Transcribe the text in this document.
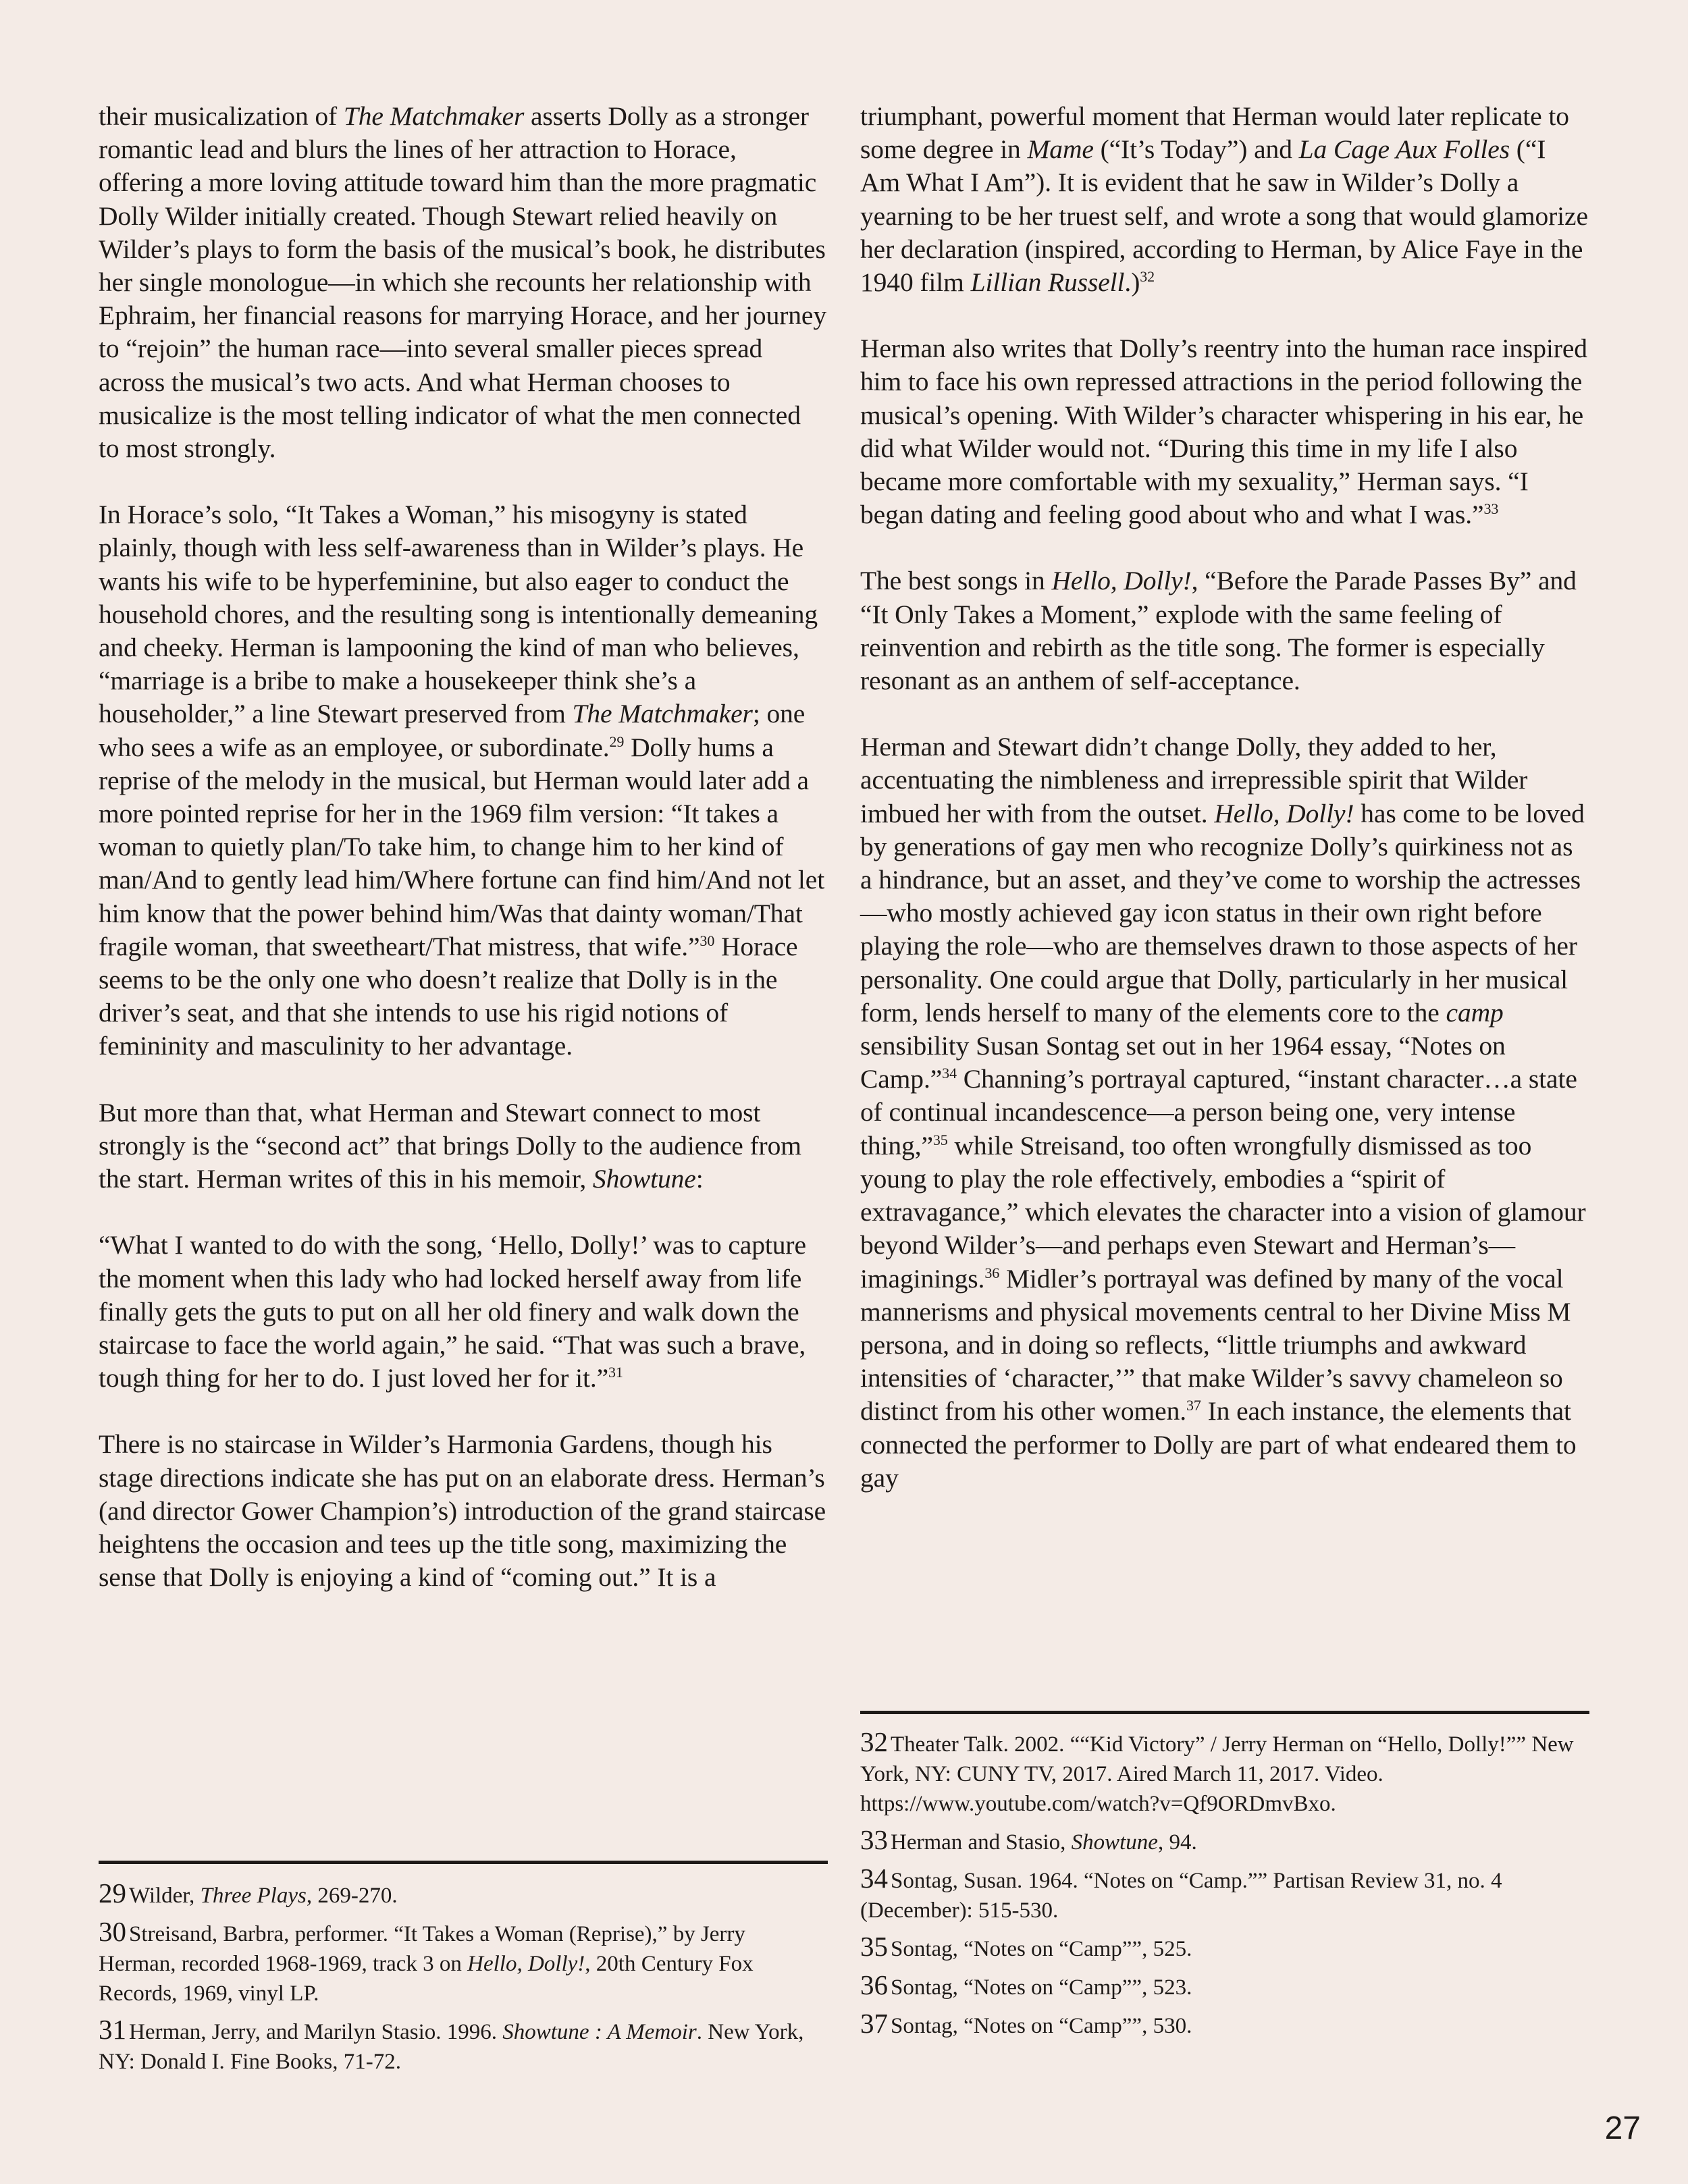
their musicalization of The Matchmaker asserts Dolly as a stronger romantic lead and blurs the lines of her attraction to Horace, offering a more loving attitude toward him than the more pragmatic Dolly Wilder initially created. Though Stewart relied heavily on Wilder’s plays to form the basis of the musical’s book, he distributes her single monologue—in which she recounts her relationship with Ephraim, her financial reasons for marrying Horace, and her journey to “rejoin” the human race—into several smaller pieces spread across the musical’s two acts. And what Herman chooses to musicalize is the most telling indicator of what the men connected to most strongly.

In Horace’s solo, “It Takes a Woman,” his misogyny is stated plainly, though with less self-awareness than in Wilder’s plays. He wants his wife to be hyperfeminine, but also eager to conduct the household chores, and the resulting song is intentionally demeaning and cheeky. Herman is lampooning the kind of man who believes, “marriage is a bribe to make a housekeeper think she’s a householder,” a line Stewart preserved from The Matchmaker; one who sees a wife as an employee, or subordinate.$^{29}$ Dolly hums a reprise of the melody in the musical, but Herman would later add a more pointed reprise for her in the 1969 film version: “It takes a woman to quietly plan/To take him, to change him to her kind of man/And to gently lead him/Where fortune can find him/And not let him know that the power behind him/Was that dainty woman/That fragile woman, that sweetheart/That mistress, that wife.”$^{30}$ Horace seems to be the only one who doesn’t realize that Dolly is in the driver’s seat, and that she intends to use his rigid notions of femininity and masculinity to her advantage.

But more than that, what Herman and Stewart connect to most strongly is the “second act” that brings Dolly to the audience from the start. Herman writes of this in his memoir, Showtune:

“What I wanted to do with the song, ‘Hello, Dolly!’ was to capture the moment when this lady who had locked herself away from life finally gets the guts to put on all her old finery and walk down the staircase to face the world again,” he said. “That was such a brave, tough thing for her to do. I just loved her for it.”$^{31}$

There is no staircase in Wilder’s Harmonia Gardens, though his stage directions indicate she has put on an elaborate dress. Herman’s (and director Gower Champion’s) introduction of the grand staircase heightens the occasion and tees up the title song, maximizing the sense that Dolly is enjoying a kind of “coming out.” It is a

triumphant, powerful moment that Herman would later replicate to some degree in Mame (“It’s Today”) and La Cage Aux Folles (“I Am What I Am”). It is evident that he saw in Wilder’s Dolly a yearning to be her truest self, and wrote a song that would glamorize her declaration (inspired, according to Herman, by Alice Faye in the 1940 film Lillian Russell.)$^{32}$

Herman also writes that Dolly’s reentry into the human race inspired him to face his own repressed attractions in the period following the musical’s opening. With Wilder’s character whispering in his ear, he did what Wilder would not. “During this time in my life I also became more comfortable with my sexuality,” Herman says. “I began dating and feeling good about who and what I was.”$^{33}$

The best songs in Hello, Dolly!, “Before the Parade Passes By” and “It Only Takes a Moment,” explode with the same feeling of reinvention and rebirth as the title song. The former is especially resonant as an anthem of self-acceptance.

Herman and Stewart didn’t change Dolly, they added to her, accentuating the nimbleness and irrepressible spirit that Wilder imbued her with from the outset. Hello, Dolly! has come to be loved by generations of gay men who recognize Dolly’s quirkiness not as a hindrance, but an asset, and they’ve come to worship the actresses—who mostly achieved gay icon status in their own right before playing the role—who are themselves drawn to those aspects of her personality. One could argue that Dolly, particularly in her musical form, lends herself to many of the elements core to the camp sensibility Susan Sontag set out in her 1964 essay, “Notes on Camp.”$^{34}$ Channing’s portrayal captured, “instant character…a state of continual incandescence—a person being one, very intense thing,”$^{35}$ while Streisand, too often wrongfully dismissed as too young to play the role effectively, embodies a “spirit of extravagance,” which elevates the character into a vision of glamour beyond Wilder’s—and perhaps even Stewart and Herman’s—imaginings.$^{36}$ Midler’s portrayal was defined by many of the vocal mannerisms and physical movements central to her Divine Miss M persona, and in doing so reflects, “little triumphs and awkward intensities of ‘character,’” that make Wilder’s savvy chameleon so distinct from his other women.$^{37}$ In each instance, the elements that connected the performer to Dolly are part of what endeared them to gay

29 Wilder, Three Plays, 269-270.

30 Streisand, Barbra, performer. “It Takes a Woman (Reprise),” by Jerry Herman, recorded 1968-1969, track 3 on Hello, Dolly!, 20th Century Fox Records, 1969, vinyl LP.

31 Herman, Jerry, and Marilyn Stasio. 1996. Showtune : A Memoir. New York, NY: Donald I. Fine Books, 71-72.

32 Theater Talk. 2002. ““Kid Victory” / Jerry Herman on “Hello, Dolly!”” New York, NY: CUNY TV, 2017. Aired March 11, 2017. Video. https://www.youtube.com/watch?v=Qf9ORDmvBxo.

33 Herman and Stasio, Showtune, 94.

34 Sontag, Susan. 1964. “Notes on “Camp.”” Partisan Review 31, no. 4 (December): 515-530.

35 Sontag, “Notes on “Camp””, 525.

36 Sontag, “Notes on “Camp””, 523.

37 Sontag, “Notes on “Camp””, 530.

27
